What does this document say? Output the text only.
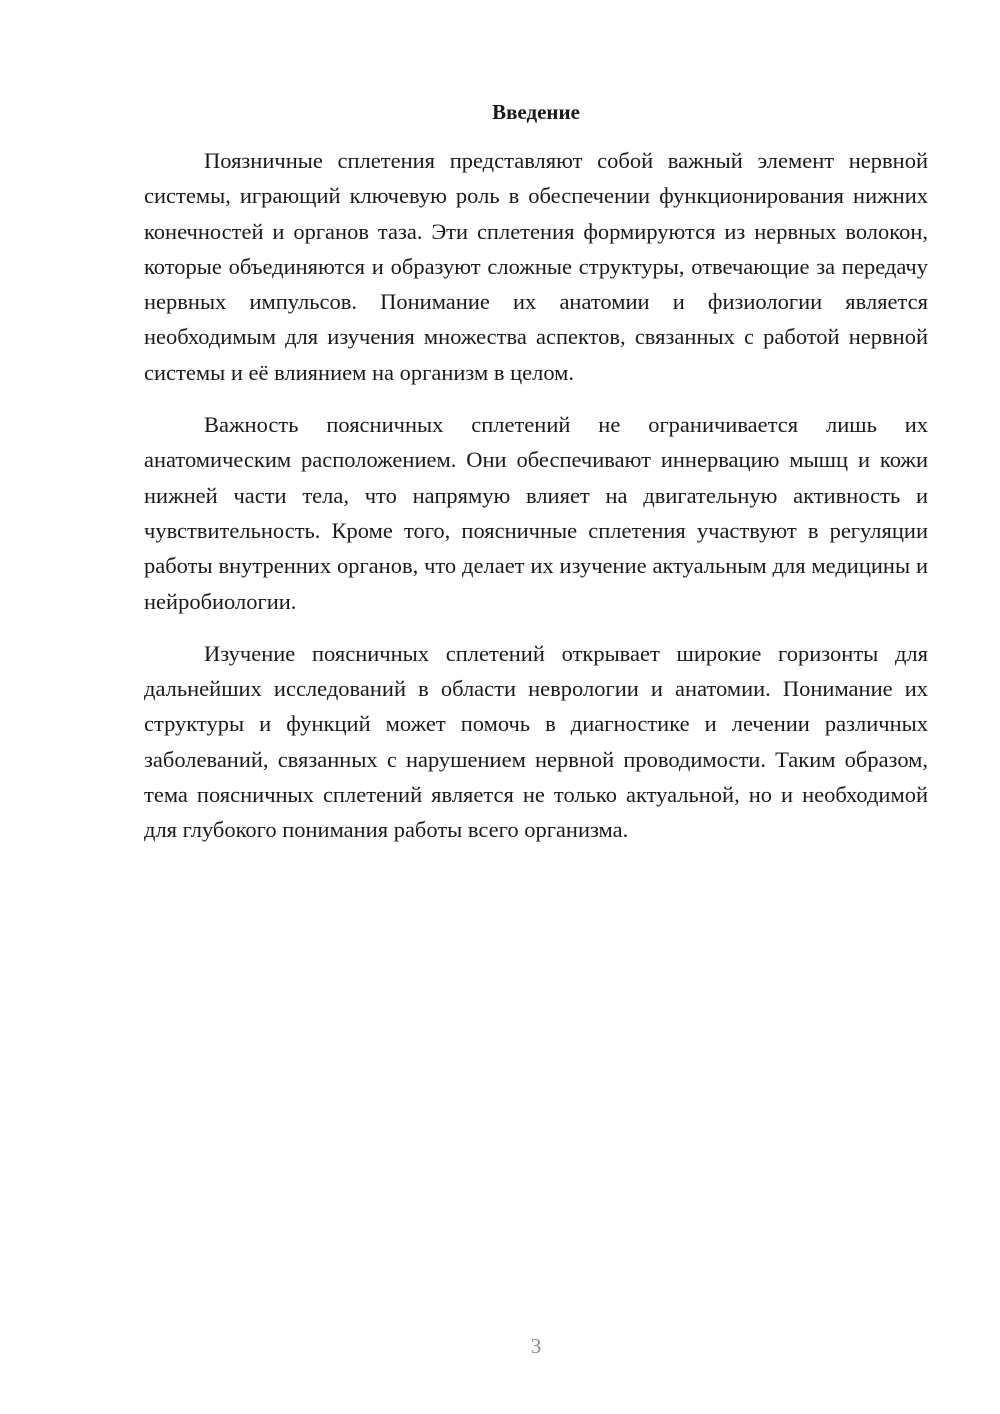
Введение

Поязничные сплетения представляют собой важный элемент нервной системы, играющий ключевую роль в обеспечении функционирования нижних конечностей и органов таза. Эти сплетения формируются из нервных волокон, которые объединяются и образуют сложные структуры, отвечающие за передачу нервных импульсов. Понимание их анатомии и физиологии является необходимым для изучения множества аспектов, связанных с работой нервной системы и её влиянием на организм в целом.

Важность поясничных сплетений не ограничивается лишь их анатомическим расположением. Они обеспечивают иннервацию мышц и кожи нижней части тела, что напрямую влияет на двигательную активность и чувствительность. Кроме того, поясничные сплетения участвуют в регуляции работы внутренних органов, что делает их изучение актуальным для медицины и нейробиологии.

Изучение поясничных сплетений открывает широкие горизонты для дальнейших исследований в области неврологии и анатомии. Понимание их структуры и функций может помочь в диагностике и лечении различных заболеваний, связанных с нарушением нервной проводимости. Таким образом, тема поясничных сплетений является не только актуальной, но и необходимой для глубокого понимания работы всего организма.

3
